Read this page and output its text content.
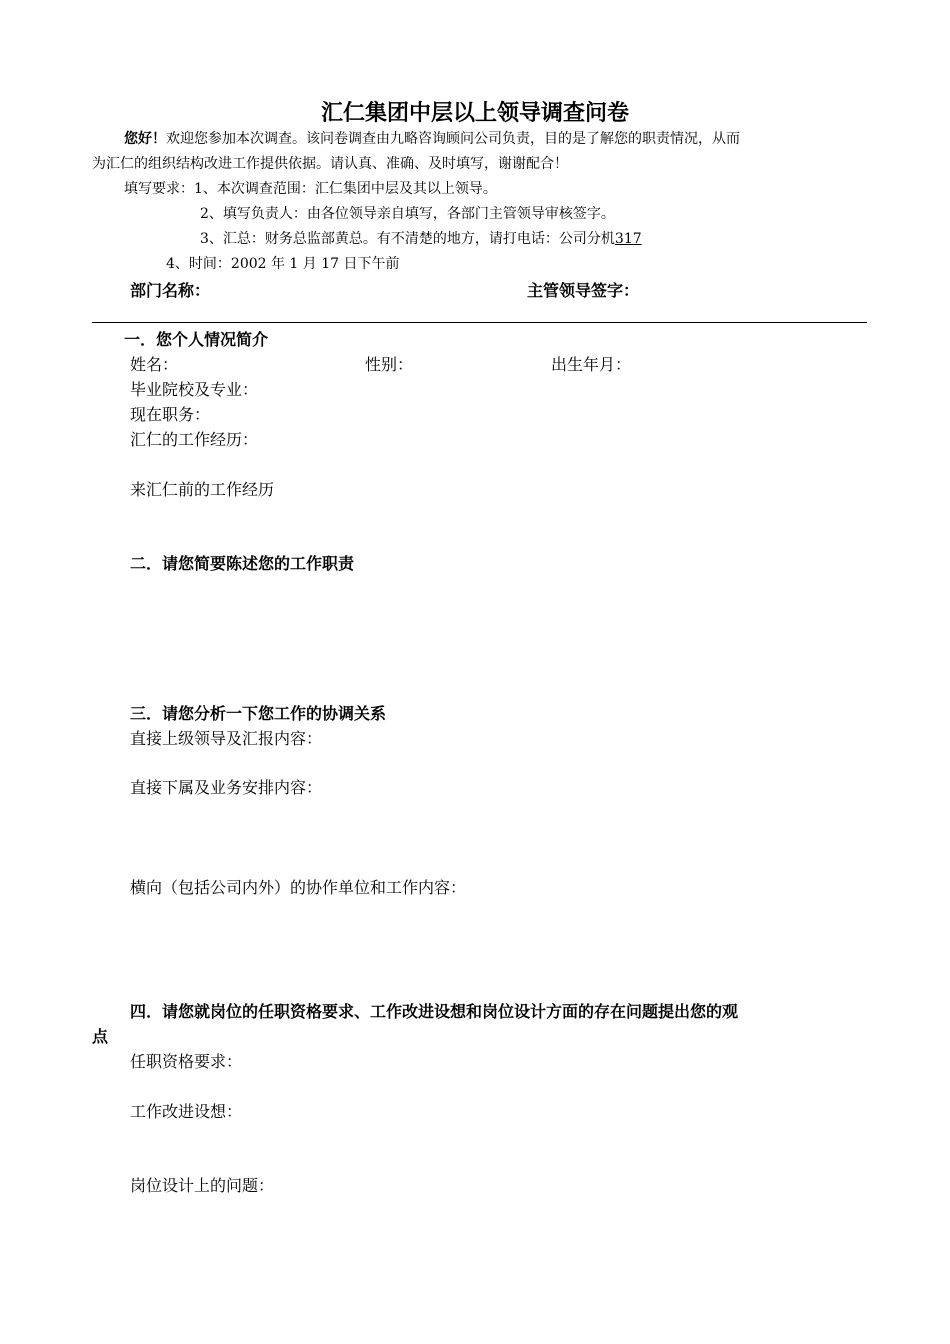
汇仁集团中层以上领导调查问卷
您好！欢迎您参加本次调查。该问卷调查由九略咨询顾问公司负责，目的是了解您的职责情况，从而
为汇仁的组织结构改进工作提供依据。请认真、准确、及时填写，谢谢配合！
填写要求：1、本次调查范围：汇仁集团中层及其以上领导。
2、填写负责人：由各位领导亲自填写，各部门主管领导审核签字。
3、汇总：财务总监部黄总。有不清楚的地方，请打电话：公司分机317
4、时间：2002 年 1 月 17 日下午前
部门名称：	主管领导签字：
一．您个人情况简介
姓名：	性别：	出生年月：
毕业院校及专业：
现在职务：
汇仁的工作经历：
来汇仁前的工作经历
二．请您简要陈述您的工作职责
三．请您分析一下您工作的协调关系
直接上级领导及汇报内容：
直接下属及业务安排内容：
横向（包括公司内外）的协作单位和工作内容：
四．请您就岗位的任职资格要求、工作改进设想和岗位设计方面的存在问题提出您的观
点
任职资格要求：
工作改进设想：
岗位设计上的问题：
